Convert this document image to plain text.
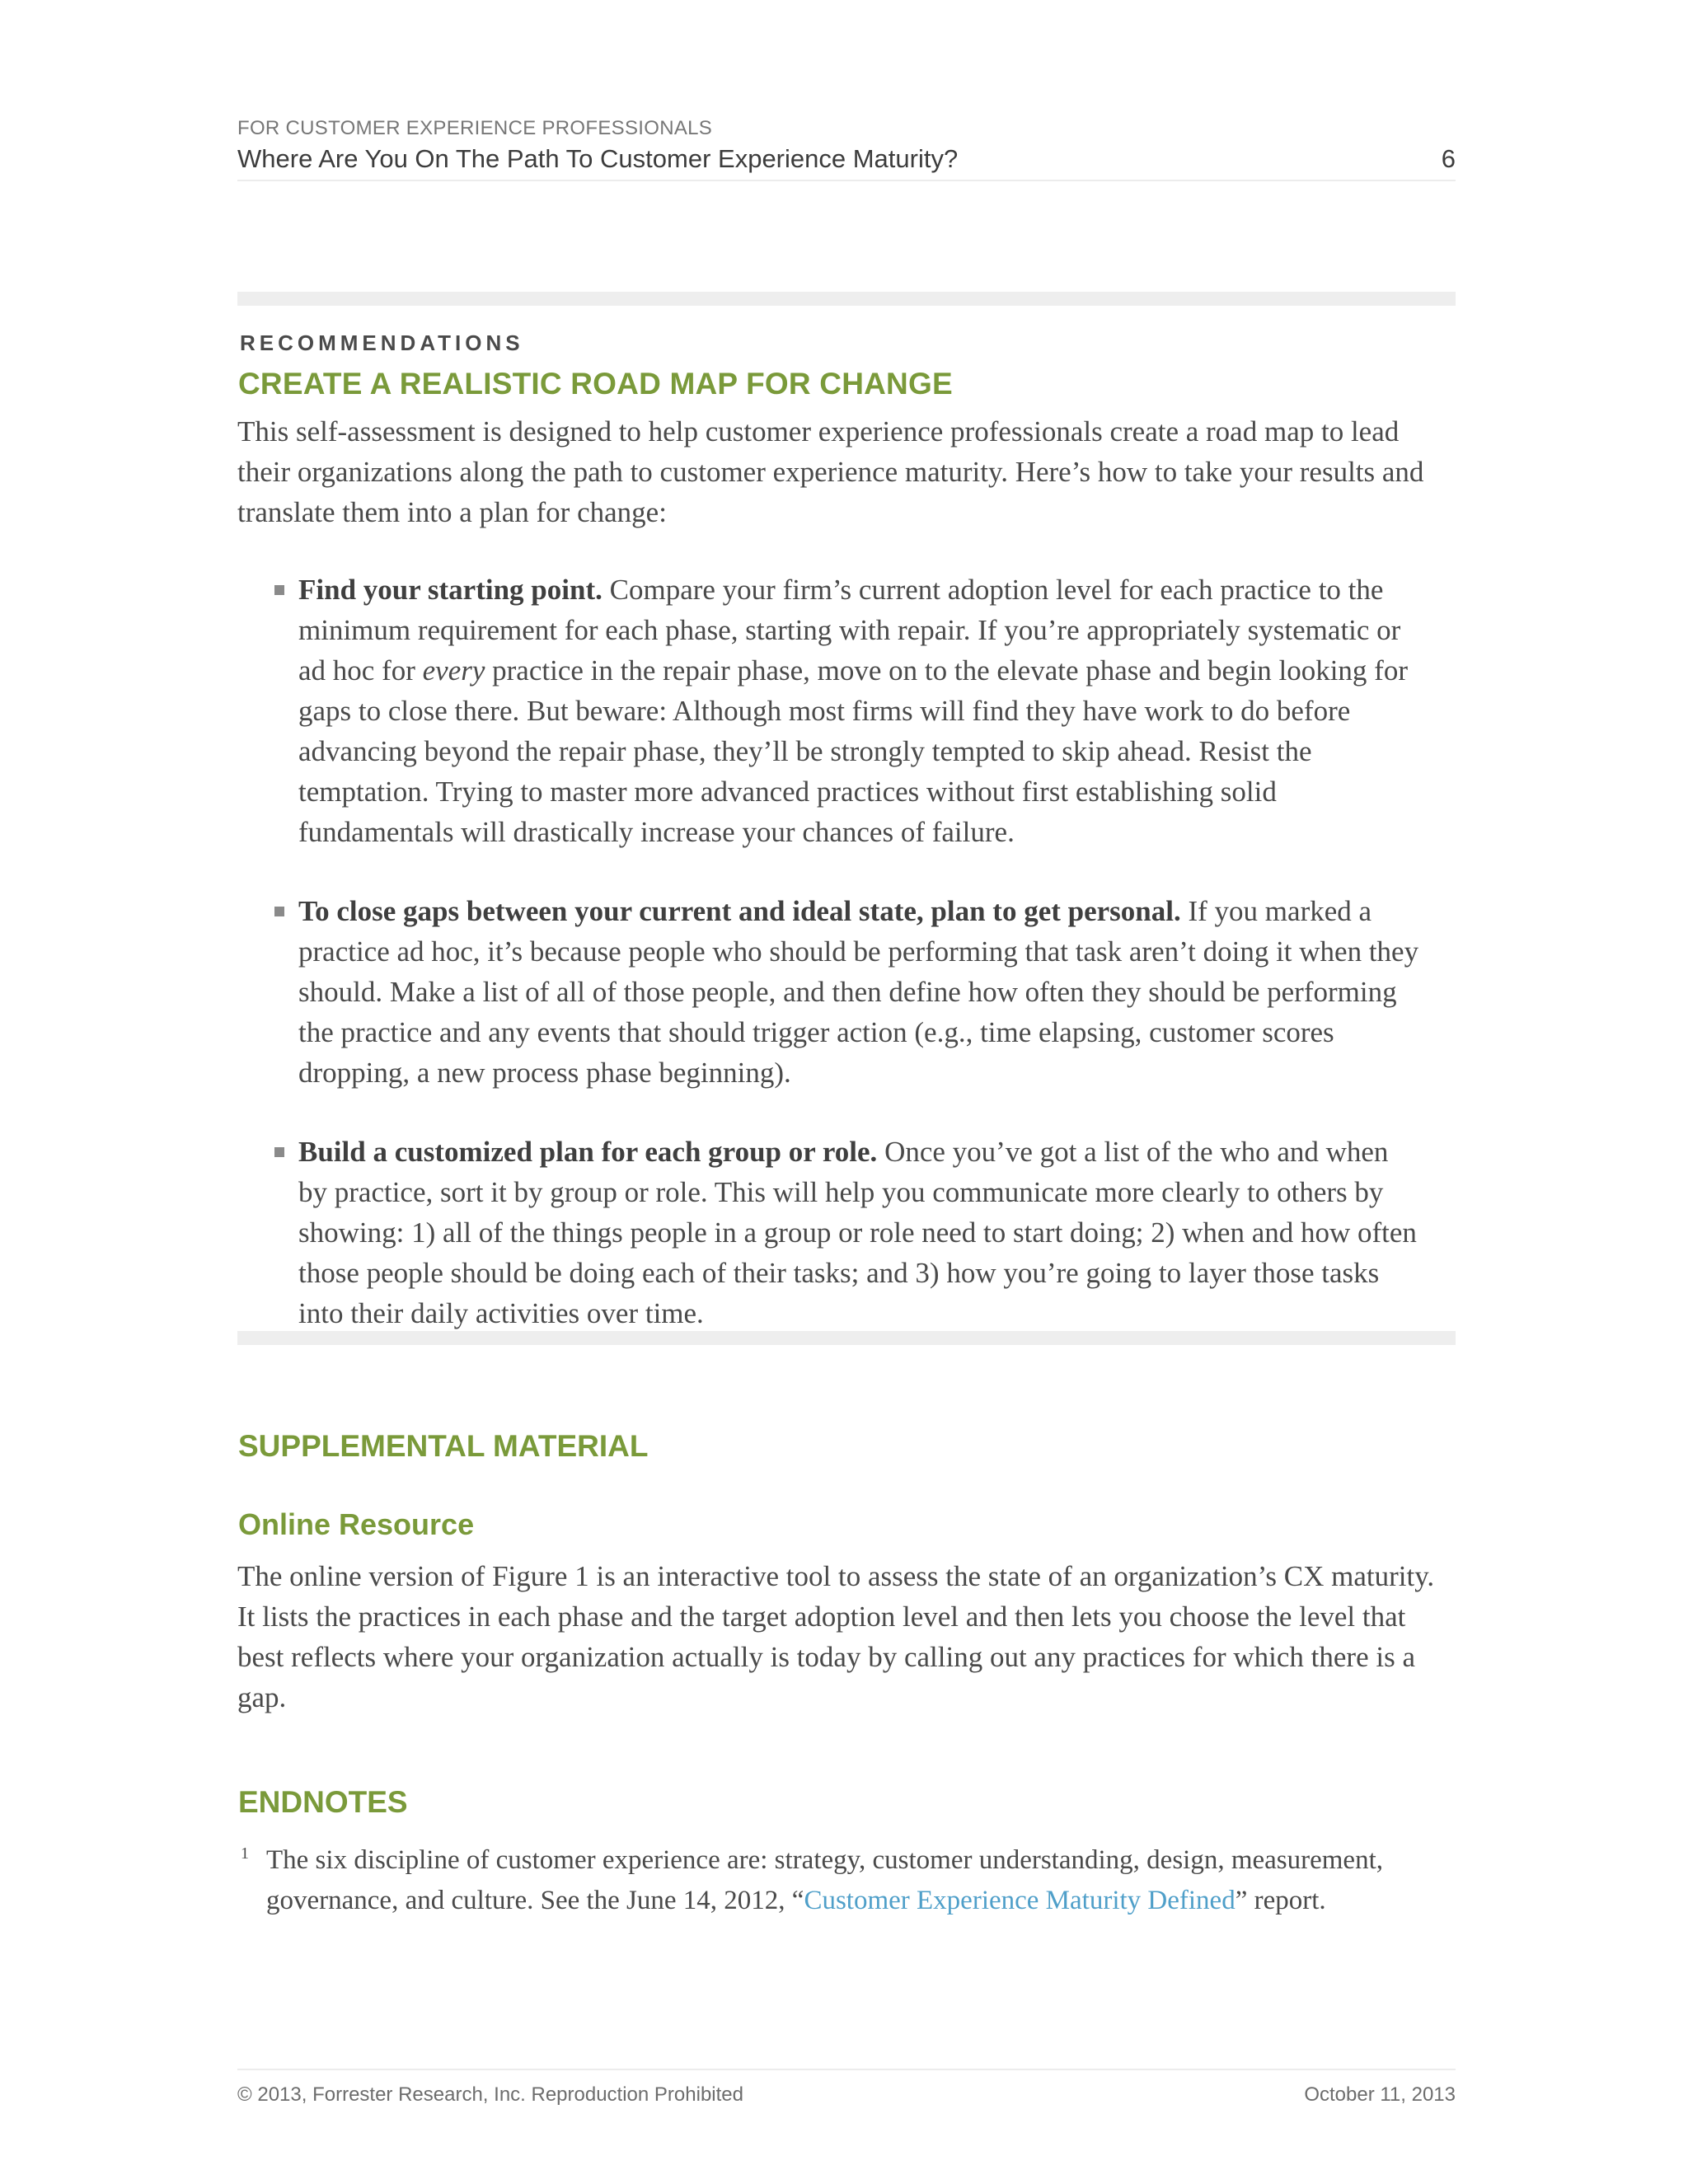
FOR CUSTOMER EXPERIENCE PROFESSIONALS
Where Are You On The Path To Customer Experience Maturity?	6
RECOMMENDATIONS
CREATE A REALISTIC ROAD MAP FOR CHANGE

This self-assessment is designed to help customer experience professionals create a road map to lead their organizations along the path to customer experience maturity. Here’s how to take your results and translate them into a plan for change:

Find your starting point. Compare your firm’s current adoption level for each practice to the minimum requirement for each phase, starting with repair. If you’re appropriately systematic or ad hoc for every practice in the repair phase, move on to the elevate phase and begin looking for gaps to close there. But beware: Although most firms will find they have work to do before advancing beyond the repair phase, they’ll be strongly tempted to skip ahead. Resist the temptation. Trying to master more advanced practices without first establishing solid fundamentals will drastically increase your chances of failure.
To close gaps between your current and ideal state, plan to get personal. If you marked a practice ad hoc, it’s because people who should be performing that task aren’t doing it when they should. Make a list of all of those people, and then define how often they should be performing the practice and any events that should trigger action (e.g., time elapsing, customer scores dropping, a new process phase beginning).
Build a customized plan for each group or role. Once you’ve got a list of the who and when by practice, sort it by group or role. This will help you communicate more clearly to others by showing: 1) all of the things people in a group or role need to start doing; 2) when and how often those people should be doing each of their tasks; and 3) how you’re going to layer those tasks into their daily activities over time.
SUPPLEMENTAL MATERIAL
Online Resource

The online version of Figure 1 is an interactive tool to assess the state of an organization’s CX maturity. It lists the practices in each phase and the target adoption level and then lets you choose the level that best reflects where your organization actually is today by calling out any practices for which there is a gap.

ENDNOTES
1 The six discipline of customer experience are: strategy, customer understanding, design, measurement, governance, and culture. See the June 14, 2012, “Customer Experience Maturity Defined” report.
© 2013, Forrester Research, Inc. Reproduction Prohibited	October 11, 2013
